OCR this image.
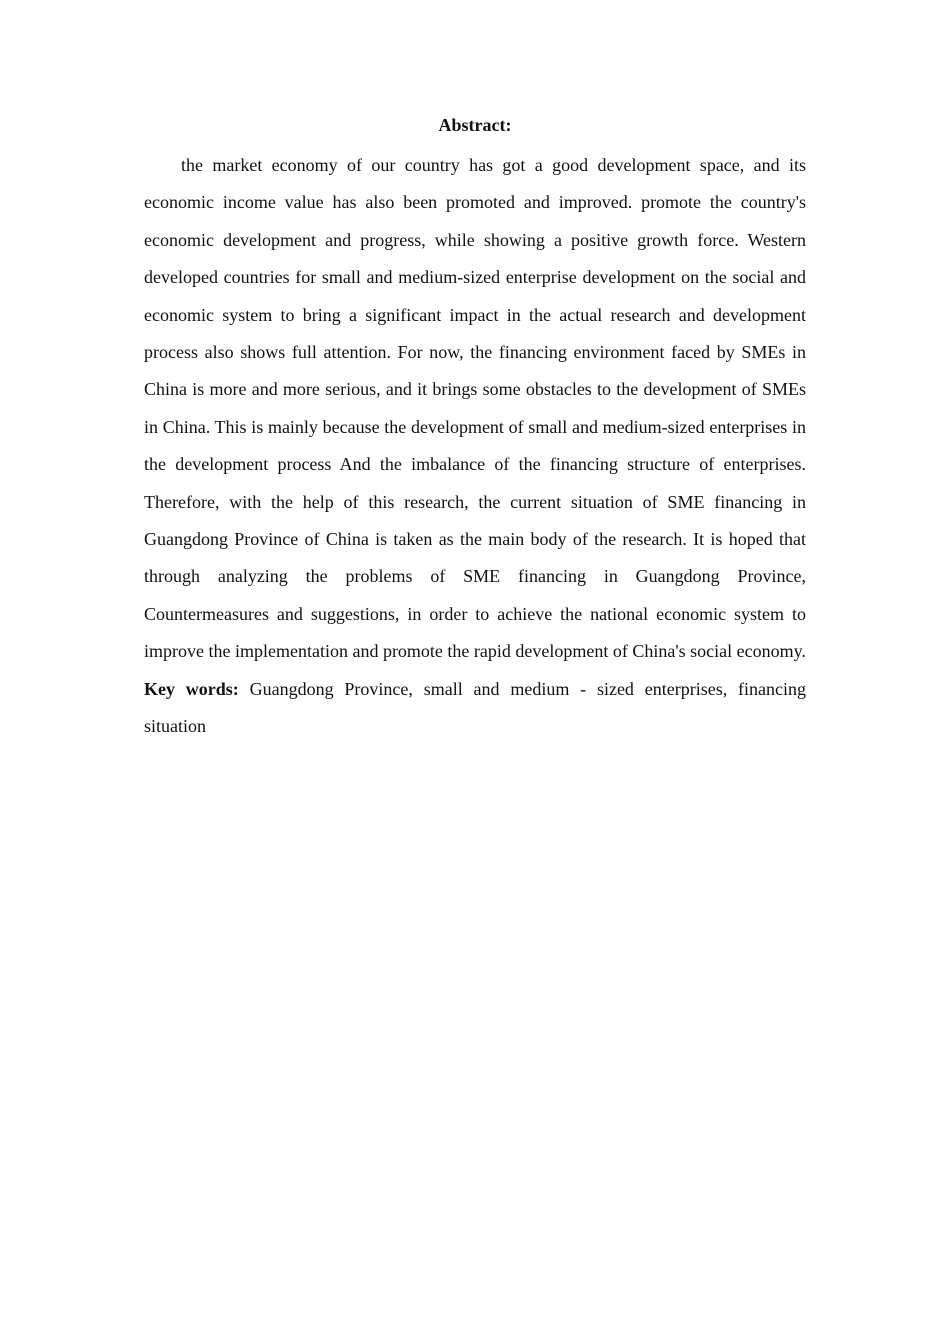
Abstract:

the market economy of our country has got a good development space, and its economic income value has also been promoted and improved. promote the country's economic development and progress, while showing a positive growth force. Western developed countries for small and medium-sized enterprise development on the social and economic system to bring a significant impact in the actual research and development process also shows full attention. For now, the financing environment faced by SMEs in China is more and more serious, and it brings some obstacles to the development of SMEs in China. This is mainly because the development of small and medium-sized enterprises in the development process And the imbalance of the financing structure of enterprises. Therefore, with the help of this research, the current situation of SME financing in Guangdong Province of China is taken as the main body of the research. It is hoped that through analyzing the problems of SME financing in Guangdong Province, Countermeasures and suggestions, in order to achieve the national economic system to improve the implementation and promote the rapid development of China's social economy.

Key words: Guangdong Province, small and medium - sized enterprises, financing situation
